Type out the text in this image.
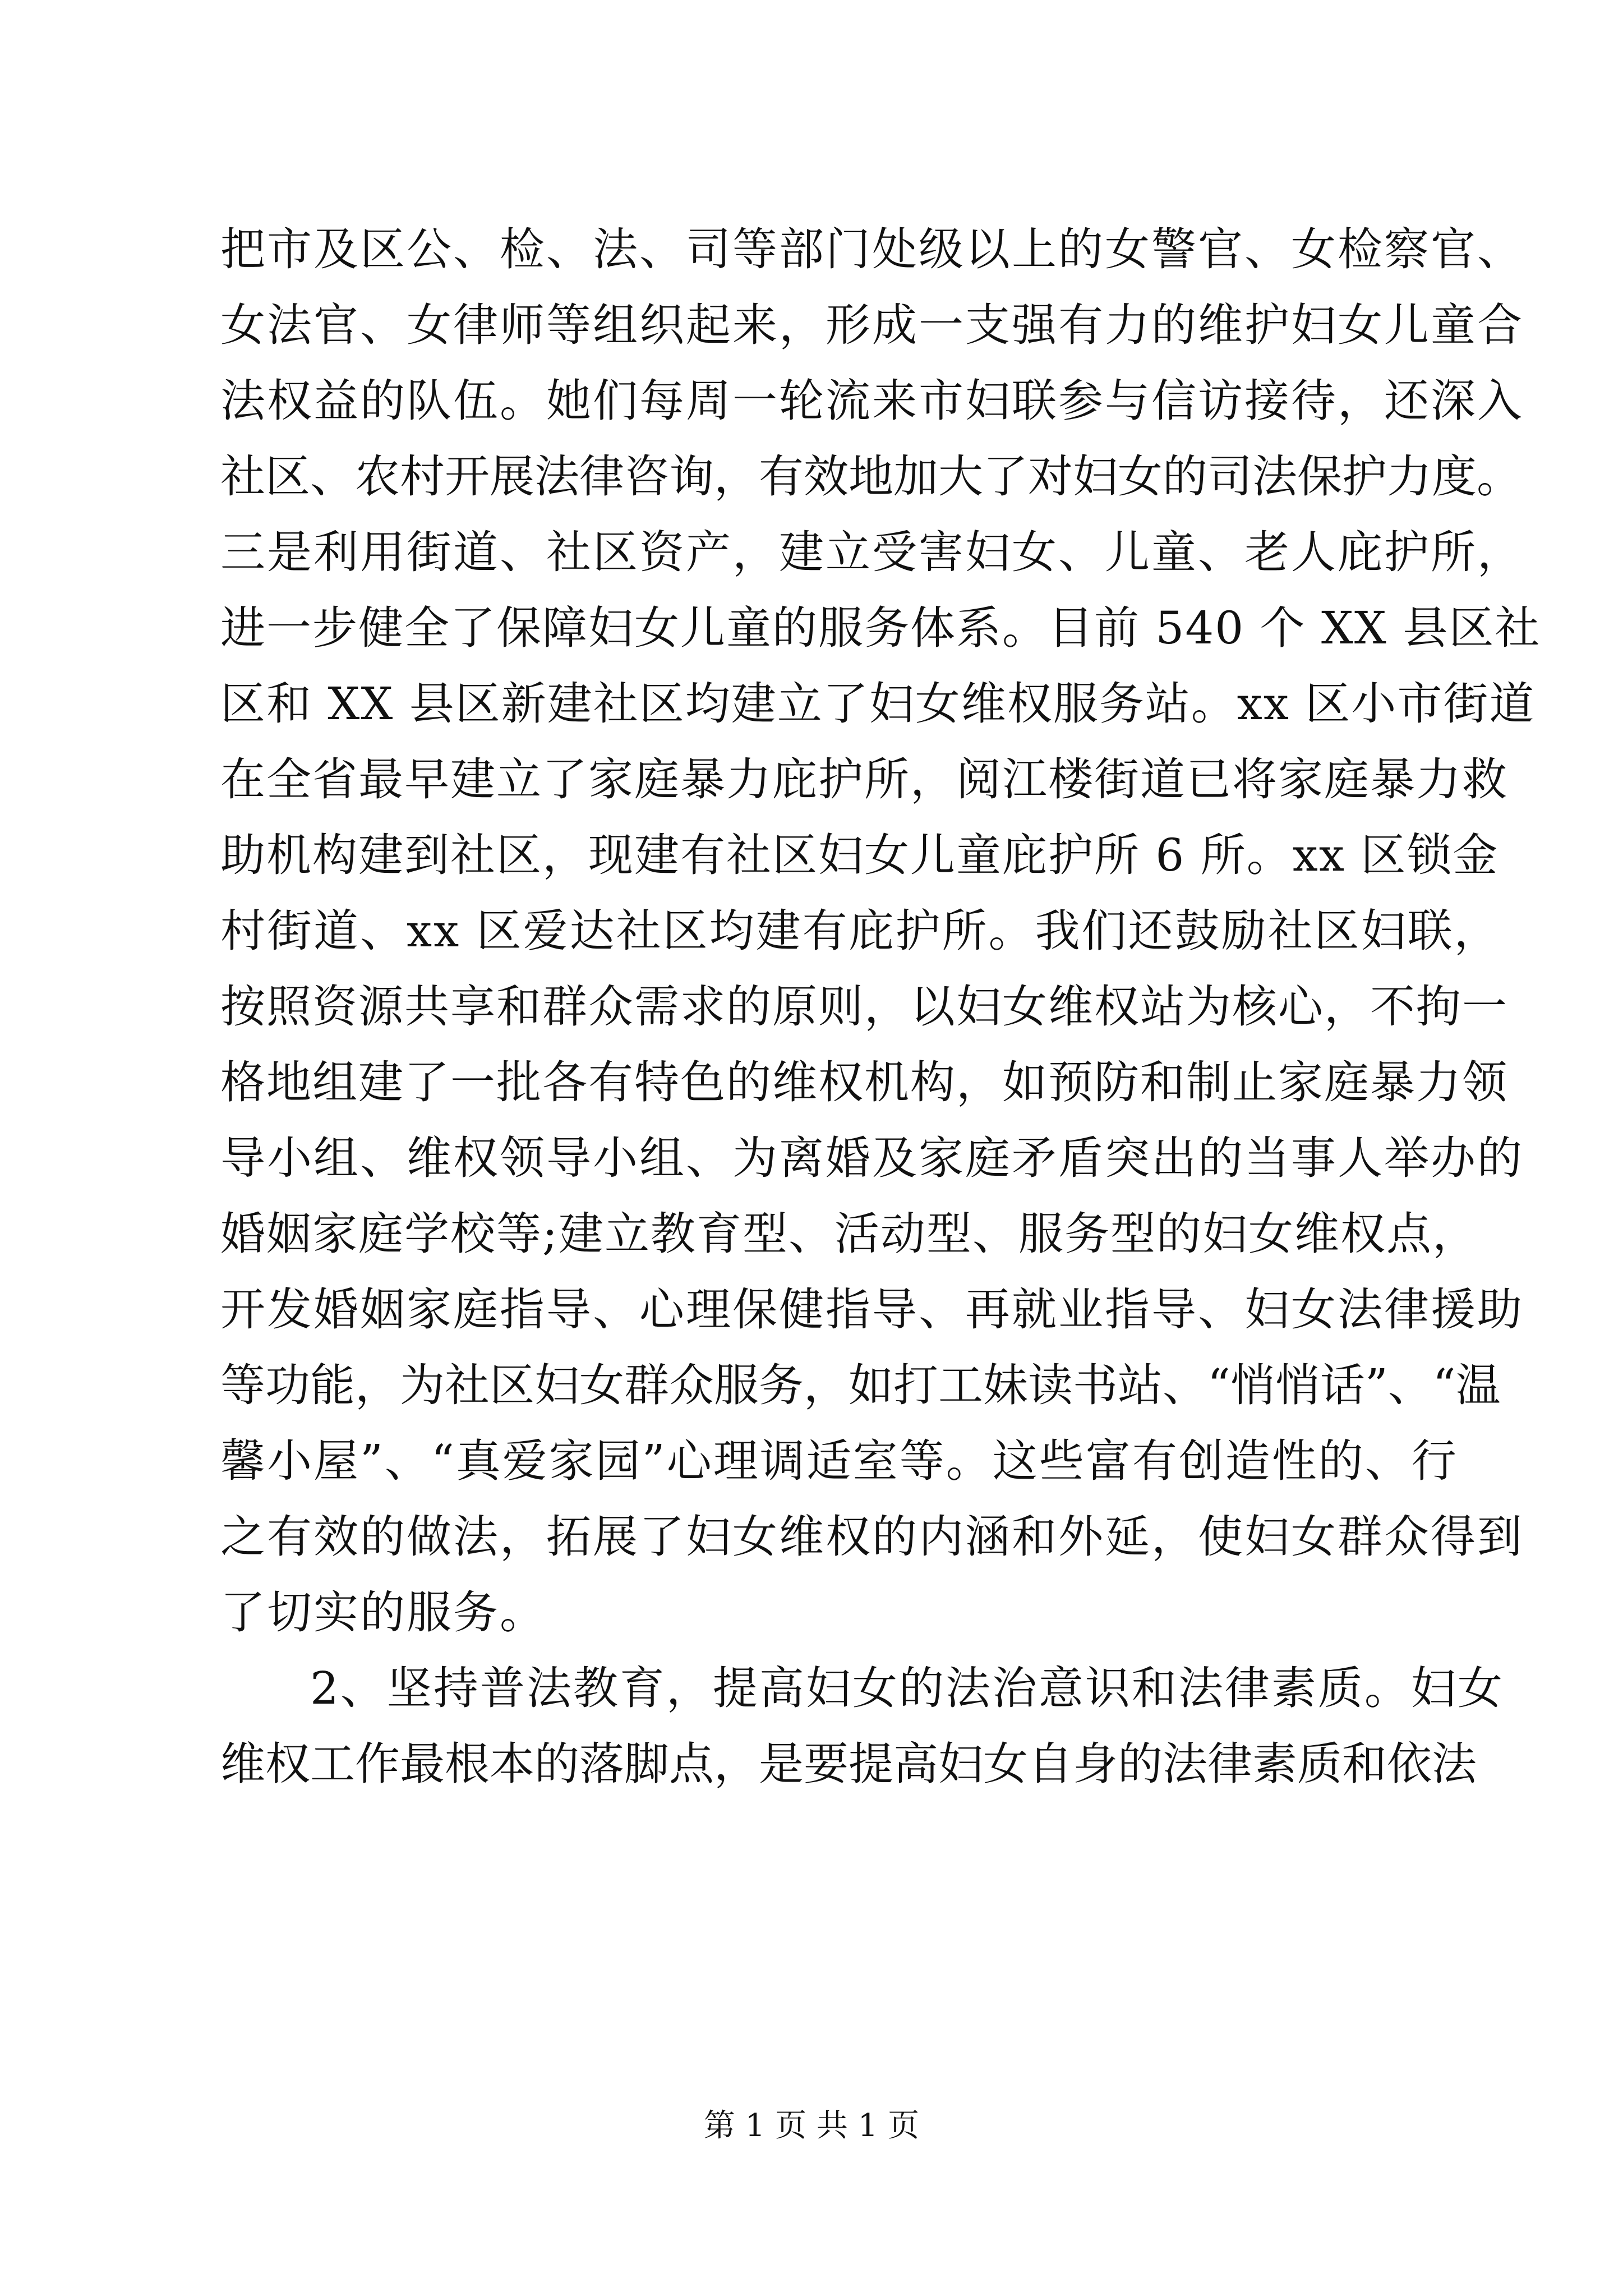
把市及区公、检、法、司等部门处级以上的女警官、女检察官、
女法官、女律师等组织起来，形成一支强有力的维护妇女儿童合
法权益的队伍。她们每周一轮流来市妇联参与信访接待，还深入
社区、农村开展法律咨询，有效地加大了对妇女的司法保护力度。
三是利用街道、社区资产，建立受害妇女、儿童、老人庇护所，
进一步健全了保障妇女儿童的服务体系。目前 540 个 XX 县区社
区和 XX 县区新建社区均建立了妇女维权服务站。xx 区小市街道
在全省最早建立了家庭暴力庇护所，阅江楼街道已将家庭暴力救
助机构建到社区，现建有社区妇女儿童庇护所 6 所。xx 区锁金
村街道、xx 区爱达社区均建有庇护所。我们还鼓励社区妇联，
按照资源共享和群众需求的原则，以妇女维权站为核心，不拘一
格地组建了一批各有特色的维权机构，如预防和制止家庭暴力领
导小组、维权领导小组、为离婚及家庭矛盾突出的当事人举办的
婚姻家庭学校等;建立教育型、活动型、服务型的妇女维权点，
开发婚姻家庭指导、心理保健指导、再就业指导、妇女法律援助
等功能，为社区妇女群众服务，如打工妹读书站、“悄悄话”、“温
馨小屋”、“真爱家园”心理调适室等。这些富有创造性的、行
之有效的做法，拓展了妇女维权的内涵和外延，使妇女群众得到
了切实的服务。
2、坚持普法教育，提高妇女的法治意识和法律素质。妇女
维权工作最根本的落脚点，是要提高妇女自身的法律素质和依法
第 1 页 共 1 页
